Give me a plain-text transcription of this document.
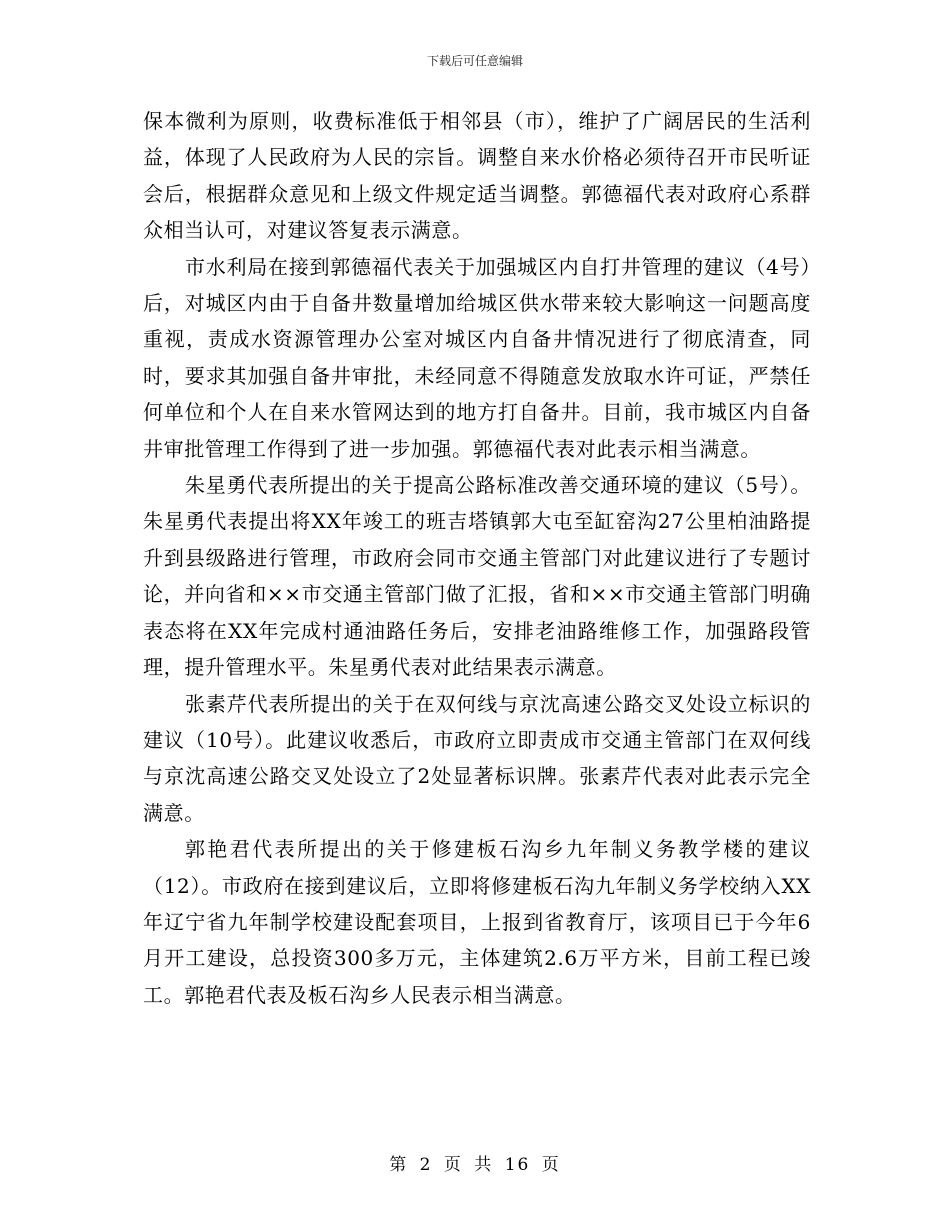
下载后可任意编辑

保本微利为原则，收费标准低于相邻县（市），维护了广阔居民的生活利益，体现了人民政府为人民的宗旨。调整自来水价格必须待召开市民听证会后，根据群众意见和上级文件规定适当调整。郭德福代表对政府心系群众相当认可，对建议答复表示满意。

市水利局在接到郭德福代表关于加强城区内自打井管理的建议（4号）后，对城区内由于自备井数量增加给城区供水带来较大影响这一问题高度重视，责成水资源管理办公室对城区内自备井情况进行了彻底清查，同时，要求其加强自备井审批，未经同意不得随意发放取水许可证，严禁任何单位和个人在自来水管网达到的地方打自备井。目前，我市城区内自备井审批管理工作得到了进一步加强。郭德福代表对此表示相当满意。

朱星勇代表所提出的关于提高公路标准改善交通环境的建议（5号）。朱星勇代表提出将XX年竣工的班吉塔镇郭大屯至缸窑沟27公里柏油路提升到县级路进行管理，市政府会同市交通主管部门对此建议进行了专题讨论，并向省和××市交通主管部门做了汇报，省和××市交通主管部门明确表态将在XX年完成村通油路任务后，安排老油路维修工作，加强路段管理，提升管理水平。朱星勇代表对此结果表示满意。

张素芹代表所提出的关于在双何线与京沈高速公路交叉处设立标识的建议（10号）。此建议收悉后，市政府立即责成市交通主管部门在双何线与京沈高速公路交叉处设立了2处显著标识牌。张素芹代表对此表示完全满意。

郭艳君代表所提出的关于修建板石沟乡九年制义务教学楼的建议（12）。市政府在接到建议后，立即将修建板石沟九年制义务学校纳入XX年辽宁省九年制学校建设配套项目，上报到省教育厅，该项目已于今年6月开工建设，总投资300多万元，主体建筑2.6万平方米，目前工程已竣工。郭艳君代表及板石沟乡人民表示相当满意。

第 2 页 共 16 页
